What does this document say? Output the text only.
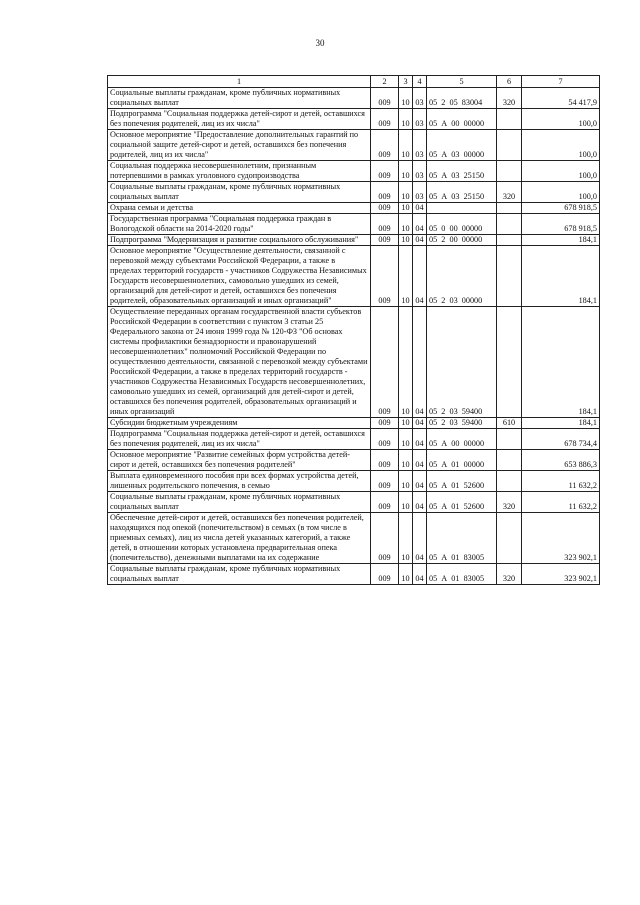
30
1	2	3	4	5	6	7
Социальные выплаты гражданам, кроме публичных нормативных социальных выплат	009	10	03	05  2  05  83004	320	54 417,9
Подпрограмма "Социальная поддержка детей-сирот и детей, оставшихся без попечения родителей, лиц из их числа"	009	10	03	05  А  00  00000		100,0
Основное мероприятие "Предоставление дополнительных гарантий по социальной защите детей-сирот и детей, оставшихся без попечения родителей, лиц из их числа"	009	10	03	05  А  03  00000		100,0
Социальная поддержка несовершеннолетним, признанным потерпевшими в рамках уголовного судопроизводства	009	10	03	05  А  03  25150		100,0
Социальные выплаты гражданам, кроме публичных нормативных социальных выплат	009	10	03	05  А  03  25150	320	100,0
Охрана семьи и детства	009	10	04			678 918,5
Государственная программа "Социальная поддержка граждан в Вологодской области на 2014-2020 годы"	009	10	04	05  0  00  00000		678 918,5
Подпрограмма "Модернизация и развитие социального обслуживания"	009	10	04	05  2  00  00000		184,1
Основное мероприятие "Осуществление деятельности, связанной с перевозкой между субъектами Российской Федерации, а также в пределах территорий государств - участников Содружества Независимых Государств несовершеннолетних, самовольно ушедших из семей, организаций для детей-сирот и детей, оставшихся без попечения родителей, образовательных организаций и иных организаций"	009	10	04	05  2  03  00000		184,1
Осуществление переданных органам государственной власти субъектов Российской Федерации в соответствии с пунктом 3 статьи 25 Федерального закона от 24 июня 1999 года № 120-ФЗ "Об основах системы профилактики безнадзорности и правонарушений несовершеннолетних" полномочий Российской Федерации по осуществлению деятельности, связанной с перевозкой между субъектами Российской Федерации, а также в пределах территорий государств - участников Содружества Независимых Государств несовершеннолетних, самовольно ушедших из семей, организаций для детей-сирот и детей, оставшихся без попечения родителей, образовательных организаций и иных организаций	009	10	04	05  2  03  59400		184,1
Субсидии бюджетным учреждениям	009	10	04	05  2  03  59400	610	184,1
Подпрограмма "Социальная поддержка детей-сирот и детей, оставшихся без попечения родителей, лиц из их числа"	009	10	04	05  А  00  00000		678 734,4
Основное мероприятие "Развитие семейных форм устройства детей-сирот и детей, оставшихся без попечения родителей"	009	10	04	05  А  01  00000		653 886,3
Выплата единовременного пособия при всех формах устройства детей, лишенных родительского попечения, в семью	009	10	04	05  А  01  52600		11 632,2
Социальные выплаты гражданам, кроме публичных нормативных социальных выплат	009	10	04	05  А  01  52600	320	11 632,2
Обеспечение детей-сирот и детей, оставшихся без попечения родителей, находящихся под опекой (попечительством) в семьях (в том числе в приемных семьях), лиц из числа детей указанных категорий, а также детей, в отношении которых установлена предварительная опека (попечительство), денежными выплатами на их содержание	009	10	04	05  А  01  83005		323 902,1
Социальные выплаты гражданам, кроме публичных нормативных социальных выплат	009	10	04	05  А  01  83005	320	323 902,1
